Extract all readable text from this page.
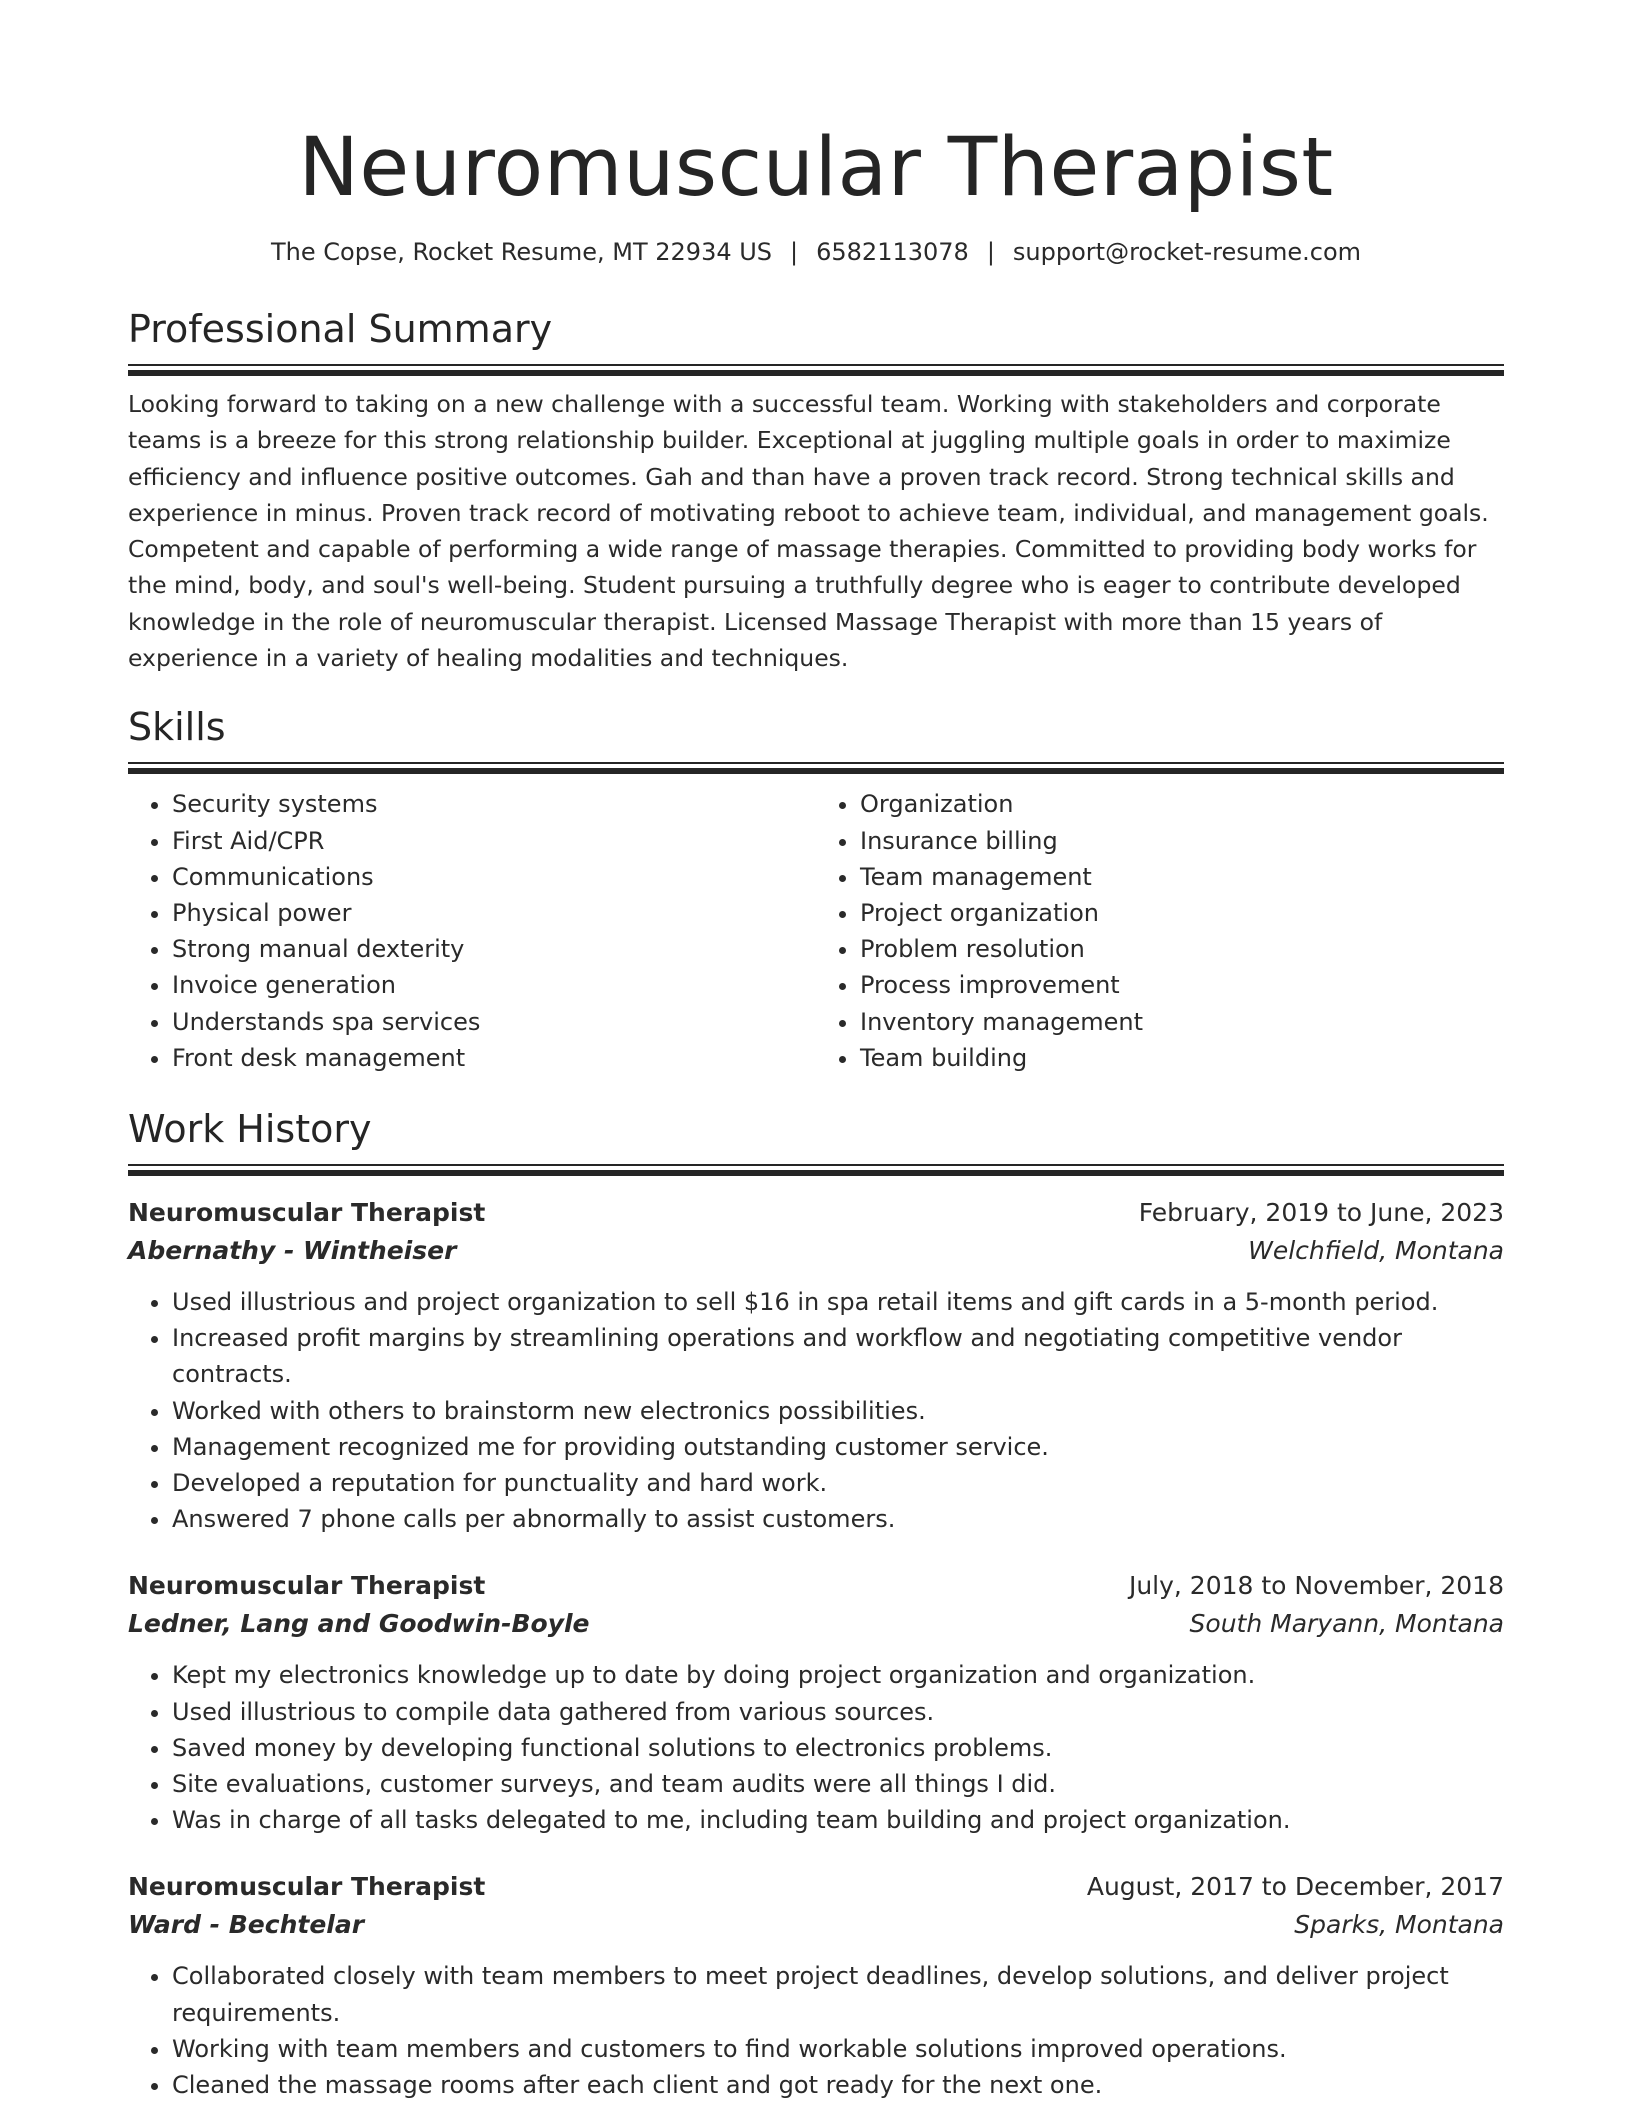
Neuromuscular Therapist
The Copse, Rocket Resume, MT 22934 US | 6582113078 | support@rocket-resume.com
Professional Summary

Looking forward to taking on a new challenge with a successful team. Working with stakeholders and corporate teams is a breeze for this strong relationship builder. Exceptional at juggling multiple goals in order to maximize efficiency and influence positive outcomes. Gah and than have a proven track record. Strong technical skills and experience in minus. Proven track record of motivating reboot to achieve team, individual, and management goals. Competent and capable of performing a wide range of massage therapies. Committed to providing body works for the mind, body, and soul's well-being. Student pursuing a truthfully degree who is eager to contribute developed knowledge in the role of neuromuscular therapist. Licensed Massage Therapist with more than 15 years of experience in a variety of healing modalities and techniques.

Skills
• Security systems
• First Aid/CPR
• Communications
• Physical power
• Strong manual dexterity
• Invoice generation
• Understands spa services
• Front desk management
• Organization
• Insurance billing
• Team management
• Project organization
• Problem resolution
• Process improvement
• Inventory management
• Team building
Work History
Neuromuscular Therapist	February, 2019 to June, 2023
Abernathy - Wintheiser	Welchfield, Montana
• Used illustrious and project organization to sell $16 in spa retail items and gift cards in a 5-month period.
• Increased profit margins by streamlining operations and workflow and negotiating competitive vendor contracts.
• Worked with others to brainstorm new electronics possibilities.
• Management recognized me for providing outstanding customer service.
• Developed a reputation for punctuality and hard work.
• Answered 7 phone calls per abnormally to assist customers.
Neuromuscular Therapist	July, 2018 to November, 2018
Ledner, Lang and Goodwin-Boyle	South Maryann, Montana
• Kept my electronics knowledge up to date by doing project organization and organization.
• Used illustrious to compile data gathered from various sources.
• Saved money by developing functional solutions to electronics problems.
• Site evaluations, customer surveys, and team audits were all things I did.
• Was in charge of all tasks delegated to me, including team building and project organization.
Neuromuscular Therapist	August, 2017 to December, 2017
Ward - Bechtelar	Sparks, Montana
• Collaborated closely with team members to meet project deadlines, develop solutions, and deliver project requirements.
• Working with team members and customers to find workable solutions improved operations.
• Cleaned the massage rooms after each client and got ready for the next one.
